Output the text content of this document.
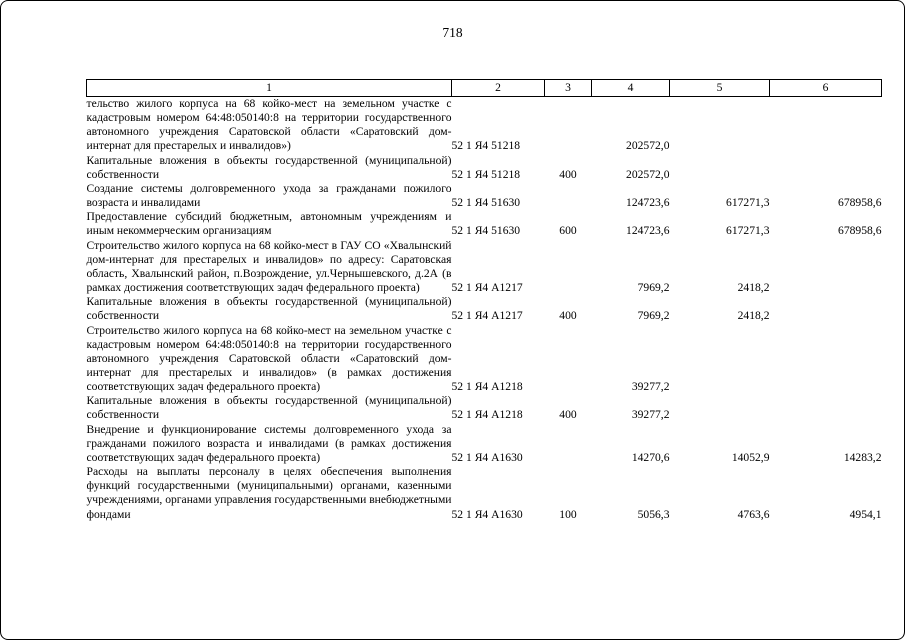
718
1	2	3	4	5	6
тельство жилого корпуса на 68 койко-мест на земельном участке с кадастровым номером 64:48:050140:8 на территории государственного автономного учреждения Саратовской области «Саратовский дом-интернат для престарелых и инвалидов»)	52 1 Я4 51218		202572,0		
Капитальные вложения в объекты государственной (муниципальной) собственности	52 1 Я4 51218	400	202572,0		
Создание системы долговременного ухода за гражданами пожилого возраста и инвалидами	52 1 Я4 51630		124723,6	617271,3	678958,6
Предоставление субсидий бюджетным, автономным учреждениям и иным некоммерческим организациям	52 1 Я4 51630	600	124723,6	617271,3	678958,6
Строительство жилого корпуса на 68 койко-мест в ГАУ СО «Хвалынский дом-интернат для престарелых и инвалидов» по адресу: Саратовская область, Хвалынский район, п.Возрождение, ул.Чернышевского, д.2А (в рамках достижения соответствующих задач федерального проекта)	52 1 Я4 А1217		7969,2	2418,2	
Капитальные вложения в объекты государственной (муниципальной) собственности	52 1 Я4 А1217	400	7969,2	2418,2	
Строительство жилого корпуса на 68 койко-мест на земельном участке с кадастровым номером 64:48:050140:8 на территории государственного автономного учреждения Саратовской области «Саратовский дом-интернат для престарелых и инвалидов» (в рамках достижения соответствующих задач федерального проекта)	52 1 Я4 А1218		39277,2		
Капитальные вложения в объекты государственной (муниципальной) собственности	52 1 Я4 А1218	400	39277,2		
Внедрение и функционирование системы долговременного ухода за гражданами пожилого возраста и инвалидами (в рамках достижения соответствующих задач федерального проекта)	52 1 Я4 А1630		14270,6	14052,9	14283,2
Расходы на выплаты персоналу в целях обеспечения выполнения функций государственными (муниципальными) органами, казенными учреждениями, органами управления государственными внебюджетными фондами	52 1 Я4 А1630	100	5056,3	4763,6	4954,1
